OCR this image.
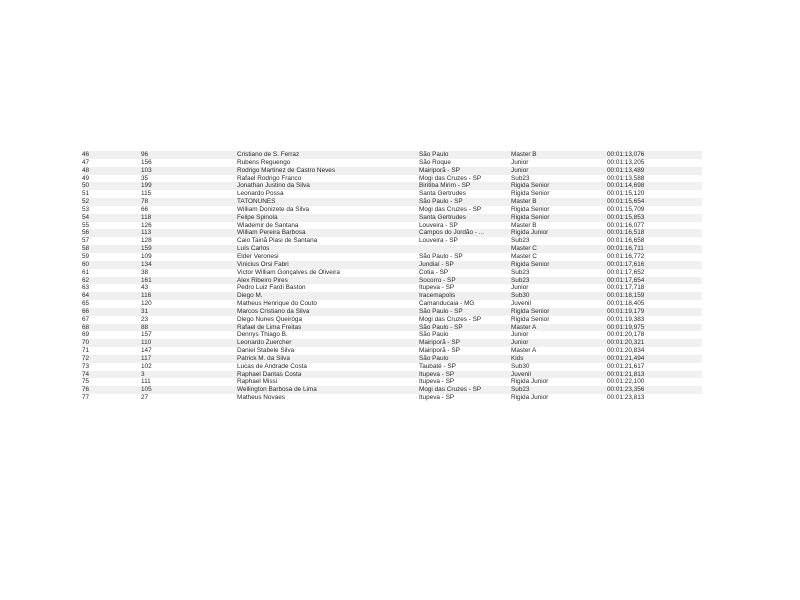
46	96	Cristiano de S. Ferraz	São Paulo	Master B	00:01:13,076
47	156	Rubens Reguengo	São Roque	Junior	00:01:13,205
48	103	Rodrigo Martinez de Castro Neves	Mairiporã - SP	Junior	00:01:13,489
49	35	Rafael Rodrigo Franco	Mogi das Cruzes - SP	Sub23	00:01:13,588
50	199	Jonathan Justino da Silva	Biritiba Mirim - SP	Rigida Senior	00:01:14,698
51	115	Leonardo Possa	Santa Gertrudes	Rigida Senior	00:01:15,120
52	78	TATONUNES	São Paulo - SP	Master B	00:01:15,654
53	66	William Donizete da Silva	Mogi das Cruzes - SP	Rigida Senior	00:01:15,709
54	118	Felipe Spinola	Santa Gertrudes	Rigida Senior	00:01:15,853
55	126	Wlademir de Santana	Louveira - SP	Master B	00:01:16,077
56	113	William Pereira Barbosa	Campos do Jordão - ...	Rigida Junior	00:01:16,518
57	128	Caio Tainã Piasi de Santana	Louveira - SP	Sub23	00:01:16,658
58	159	Luís Carlos		Master C	00:01:16,711
59	109	Elder Veronesi	São Paulo - SP	Master C	00:01:16,772
60	134	Vinicius Orsi Fabri	Jundiaí - SP	Rigida Senior	00:01:17,616
61	38	Victor William Gonçalves de Oliveira	Cotia - SP	Sub23	00:01:17,652
62	161	Alex Ribeiro Pires	Socorro - SP	Sub23	00:01:17,654
63	43	Pedro Luiz Fardi Baston	Itupeva - SP	Junior	00:01:17,718
64	116	Diego M.	Iracemapolis	Sub30	00:01:18,159
65	120	Matheus Henrique do Couto	Camanducaia - MG	Juvenil	00:01:18,405
66	31	Marcos Cristiano da Silva	São Paulo - SP	Rigida Senior	00:01:19,179
67	23	Diego Nunes Queiróga	Mogi das Cruzes - SP	Rigida Senior	00:01:19,383
68	88	Rafael de Lima Freitas	São Paulo - SP	Master A	00:01:19,975
69	157	Dennys Thiago B.	São Paulo	Junior	00:01:20,178
70	110	Leonardo Zuercher	Mairiporã - SP	Junior	00:01:20,321
71	147	Daniel Stabele Silva	Mairiporã - SP	Master A	00:01:20,834
72	117	Patrick M. da Silva	São Paulo	Kids	00:01:21,494
73	102	Lucas de Andrade Costa	Taubaté - SP	Sub30	00:01:21,617
74	3	Raphael Dantas Costa	Itupeva - SP	Juvenil	00:01:21,813
75	111	Raphael Missi	Itupeva - SP	Rigida Junior	00:01:22,100
76	105	Wellington Barbosa de Lima	Mogi das Cruzes - SP	Sub23	00:01:23,356
77	27	Matheus Novaes	Itupeva - SP	Rigida Junior	00:01:23,813
